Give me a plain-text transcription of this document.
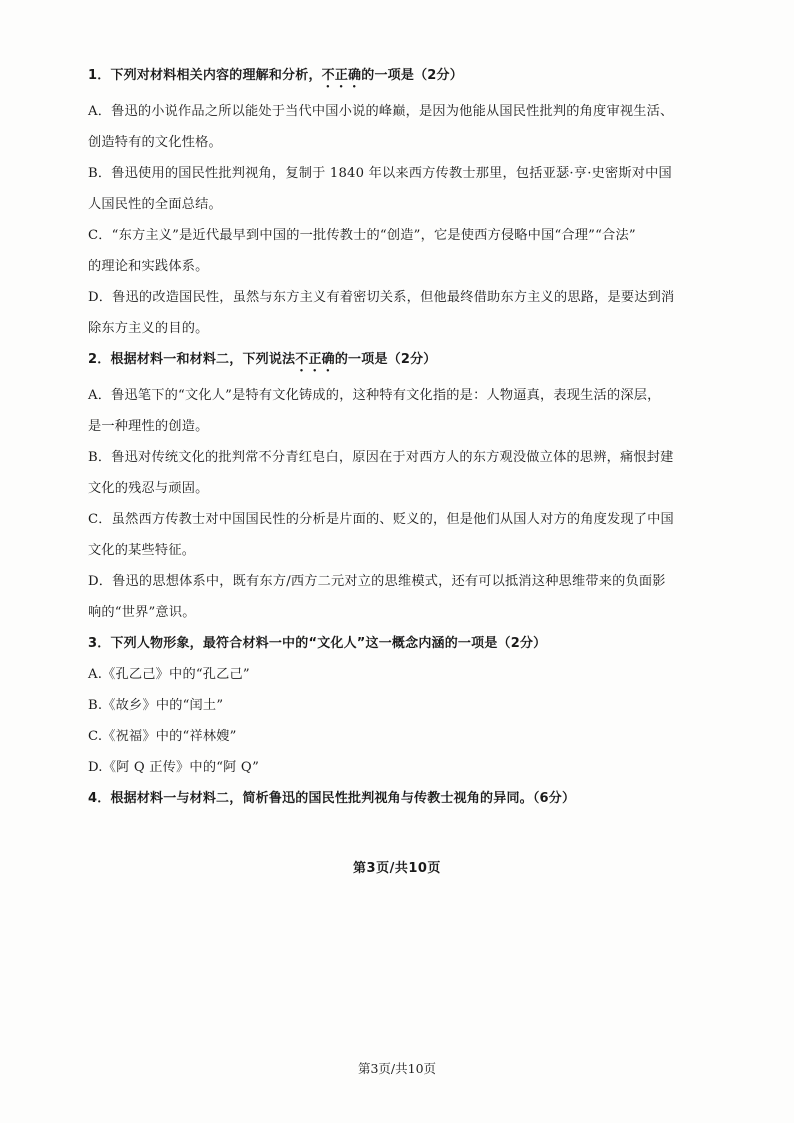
1．下列对材料相关内容的理解和分析，不正确的一项是（2分）
A．鲁迅的小说作品之所以能处于当代中国小说的峰巅，是因为他能从国民性批判的角度审视生活、
创造特有的文化性格。
B．鲁迅使用的国民性批判视角，复制于 1840 年以来西方传教士那里，包括亚瑟·亨·史密斯对中国
人国民性的全面总结。
C．“东方主义”是近代最早到中国的一批传教士的“创造”，它是使西方侵略中国“合理”“合法”
的理论和实践体系。
D．鲁迅的改造国民性，虽然与东方主义有着密切关系，但他最终借助东方主义的思路，是要达到消
除东方主义的目的。
2．根据材料一和材料二，下列说法不正确的一项是（2分）
A．鲁迅笔下的“文化人”是特有文化铸成的，这种特有文化指的是：人物逼真，表现生活的深层，
是一种理性的创造。
B．鲁迅对传统文化的批判常不分青红皂白，原因在于对西方人的东方观没做立体的思辨，痛恨封建
文化的残忍与顽固。
C．虽然西方传教士对中国国民性的分析是片面的、贬义的，但是他们从国人对方的角度发现了中国
文化的某些特征。
D．鲁迅的思想体系中，既有东方/西方二元对立的思维模式，还有可以抵消这种思维带来的负面影
响的“世界”意识。
3．下列人物形象，最符合材料一中的“文化人”这一概念内涵的一项是（2分）
A.《孔乙己》中的“孔乙己”
B.《故乡》中的“闰土”
C.《祝福》中的“祥林嫂”
D.《阿 Q 正传》中的“阿 Q”
4．根据材料一与材料二，简析鲁迅的国民性批判视角与传教士视角的异同。（6分）
第3页/共10页
第3页/共10页
